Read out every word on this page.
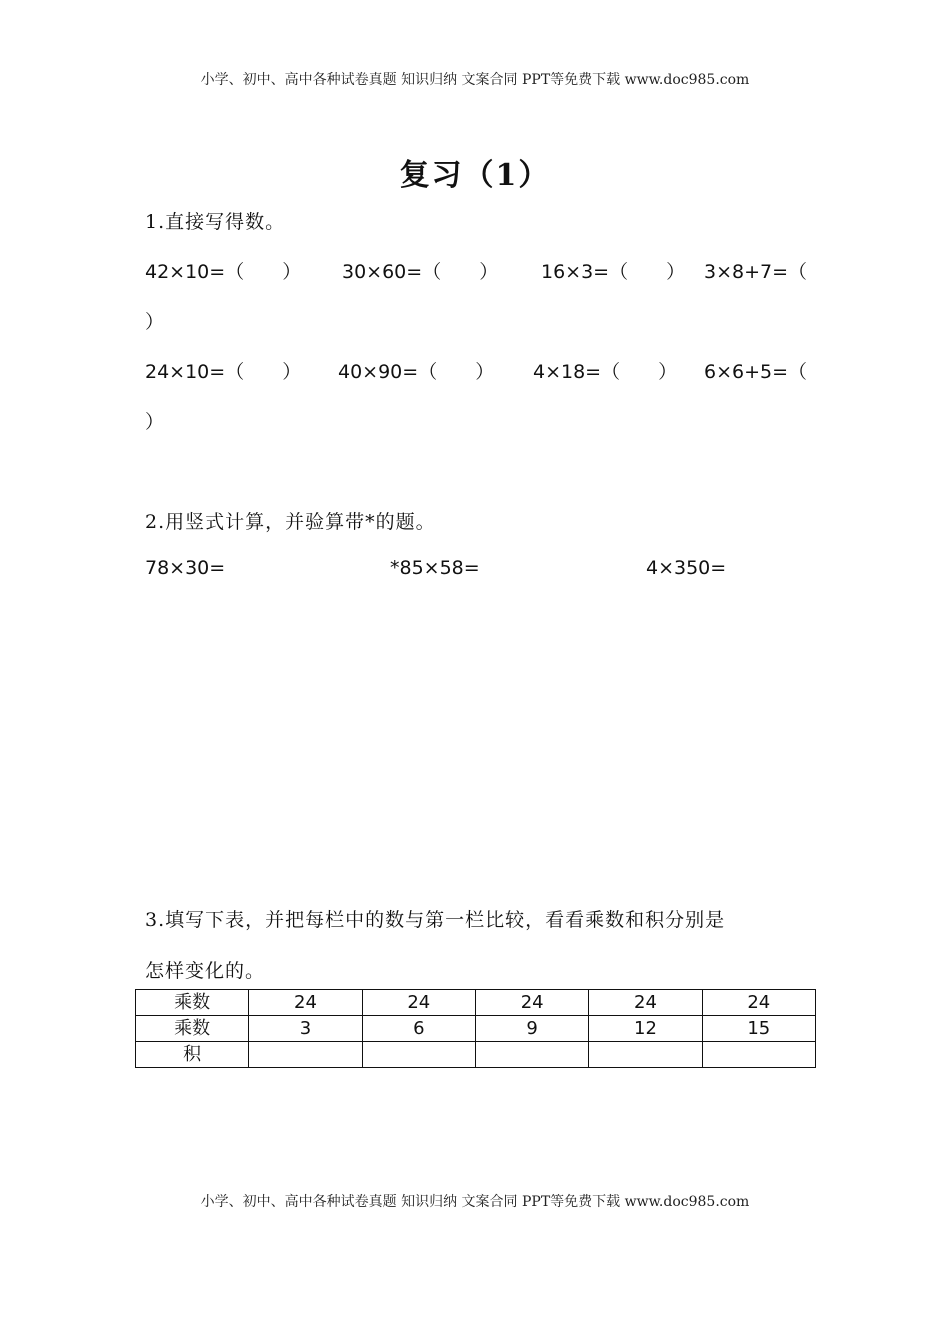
小学、初中、高中各种试卷真题 知识归纳 文案合同 PPT等免费下载 www.doc985.com
复习（1）
1.直接写得数。
42×10=（　　） 30×60=（　　） 16×3=（　　） 3×8+7=（
）
24×10=（　　） 40×90=（　　） 4×18=（　　） 6×6+5=（
）
2.用竖式计算，并验算带*的题。
78×30=	*85×58=	4×350=
3.填写下表，并把每栏中的数与第一栏比较，看看乘数和积分别是
怎样变化的。
乘数	24	24	24	24	24
乘数	3	6	9	12	15
积					
小学、初中、高中各种试卷真题 知识归纳 文案合同 PPT等免费下载 www.doc985.com
